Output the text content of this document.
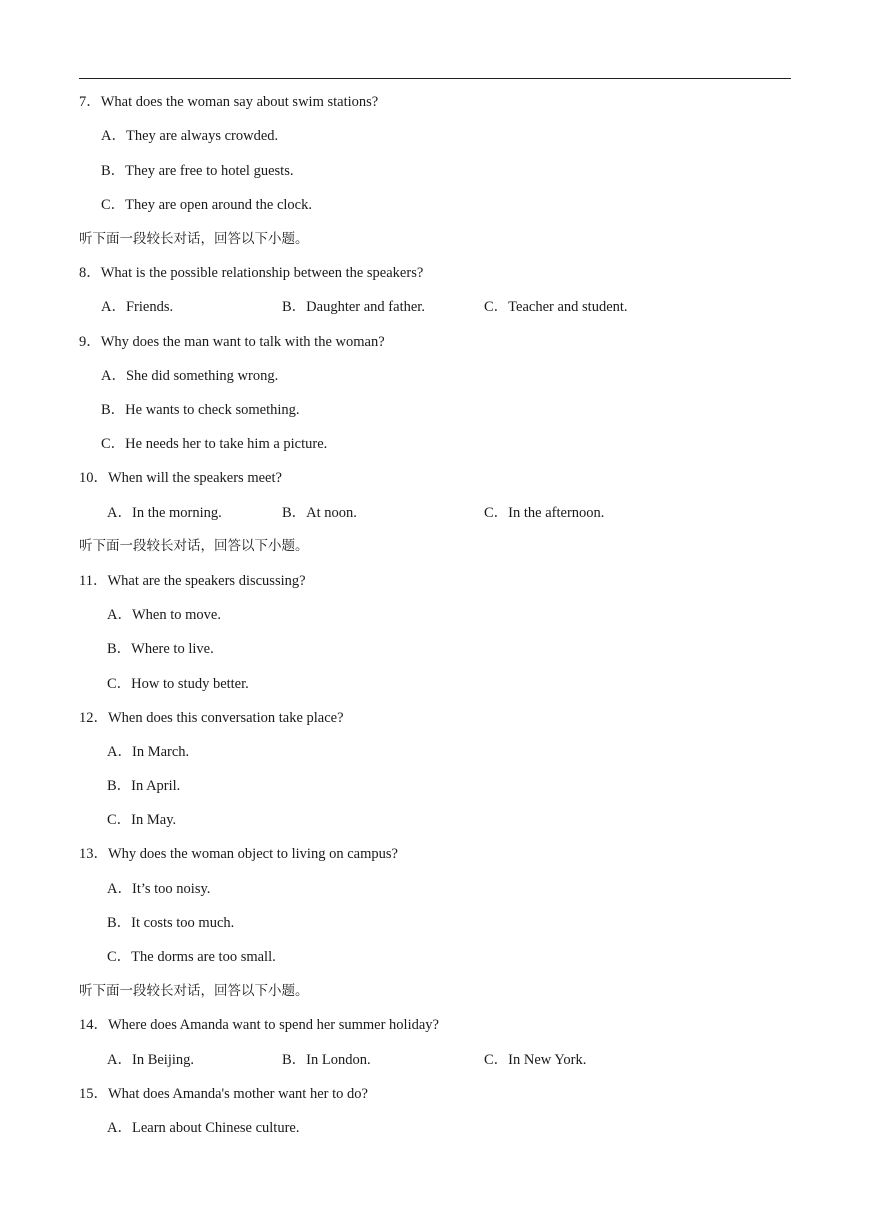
7．What does the woman say about swim stations?
A．They are always crowded.
B．They are free to hotel guests.
C．They are open around the clock.
听下面一段较长对话，回答以下小题。
8．What is the possible relationship between the speakers?
A．Friends.	B．Daughter and father.	C．Teacher and student.
9．Why does the man want to talk with the woman?
A．She did something wrong.
B．He wants to check something.
C．He needs her to take him a picture.
10．When will the speakers meet?
A．In the morning.	B．At noon.	C．In the afternoon.
听下面一段较长对话，回答以下小题。
11．What are the speakers discussing?
A．When to move.
B．Where to live.
C．How to study better.
12．When does this conversation take place?
A．In March.
B．In April.
C．In May.
13．Why does the woman object to living on campus?
A．It’s too noisy.
B．It costs too much.
C．The dorms are too small.
听下面一段较长对话，回答以下小题。
14．Where does Amanda want to spend her summer holiday?
A．In Beijing.	B．In London.	C．In New York.
15．What does Amanda's mother want her to do?
A．Learn about Chinese culture.
